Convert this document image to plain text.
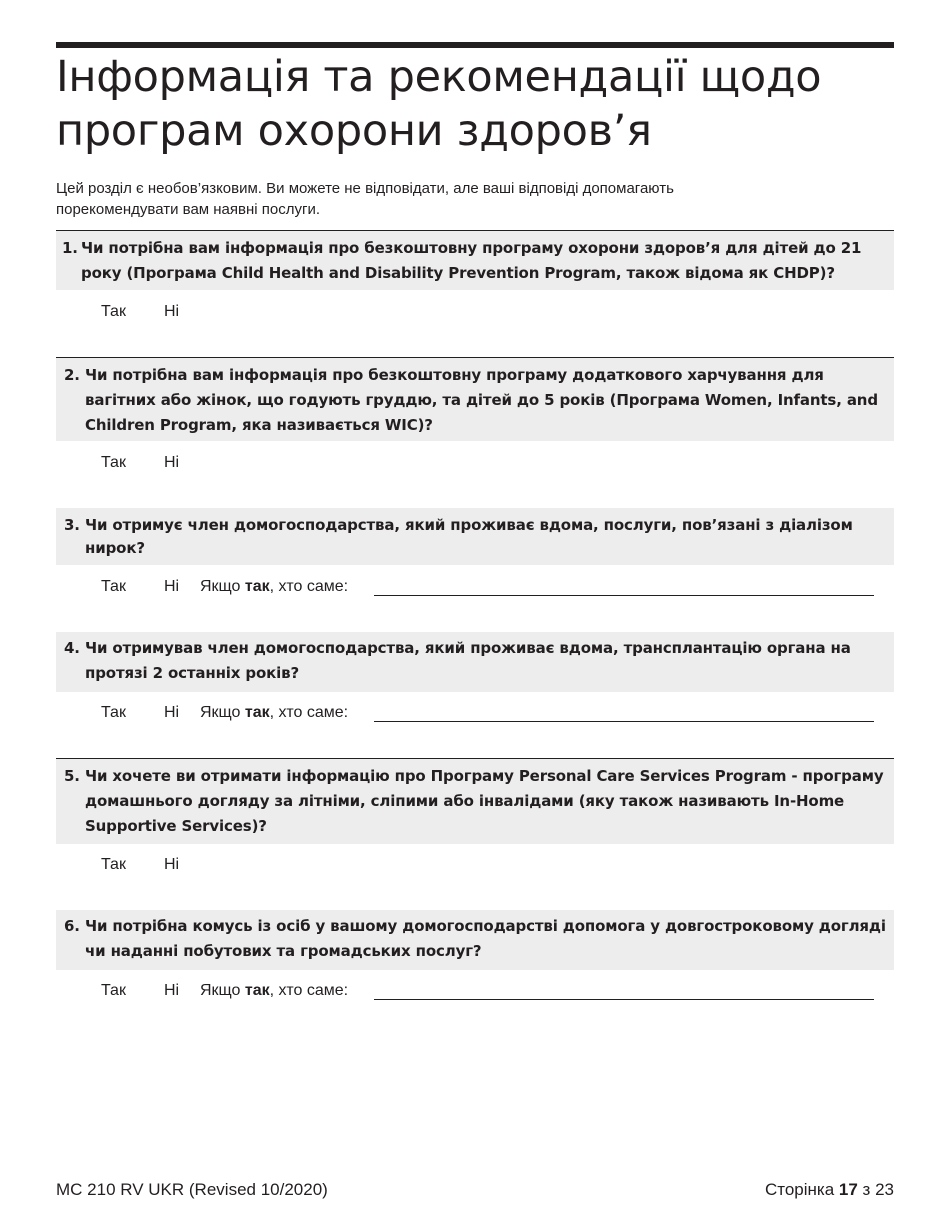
Інформація та рекомендації щодо
програм охорони здоров’я

Цей розділ є необов’язковим. Ви можете не відповідати, але ваші відповіді допомагають
порекомендувати вам наявні послуги.

1. Чи потрібна вам інформація про безкоштовну програму охорони здоров’я для дітей до 21 року (Програма Child Health and Disability Prevention Program, також відома як CHDP)?
Так Ні
2. Чи потрібна вам інформація про безкоштовну програму додаткового харчування для вагітних або жінок, що годують груддю, та дітей до 5 років (Програма Women, Infants, and Children Program, яка називається WIC)?
Так Ні
3. Чи отримує член домогосподарства, який проживає вдома, послуги, пов’язані з діалізом нирок?
Так Ні Якщо так, хто саме:
4. Чи отримував член домогосподарства, який проживає вдома, трансплантацію органа на протязі 2 останніх років?
Так Ні Якщо так, хто саме:
5. Чи хочете ви отримати інформацію про Програму Personal Care Services Program - програму домашнього догляду за літніми, сліпими або інвалідами (яку також називають In-Home Supportive Services)?
Так Ні
6. Чи потрібна комусь із осіб у вашому домогосподарстві допомога у довгостроковому догляді чи наданні побутових та громадських послуг?
Так Ні Якщо так, хто саме:
MC 210 RV UKR (Revised 10/2020)	Сторінка 17 з 23
